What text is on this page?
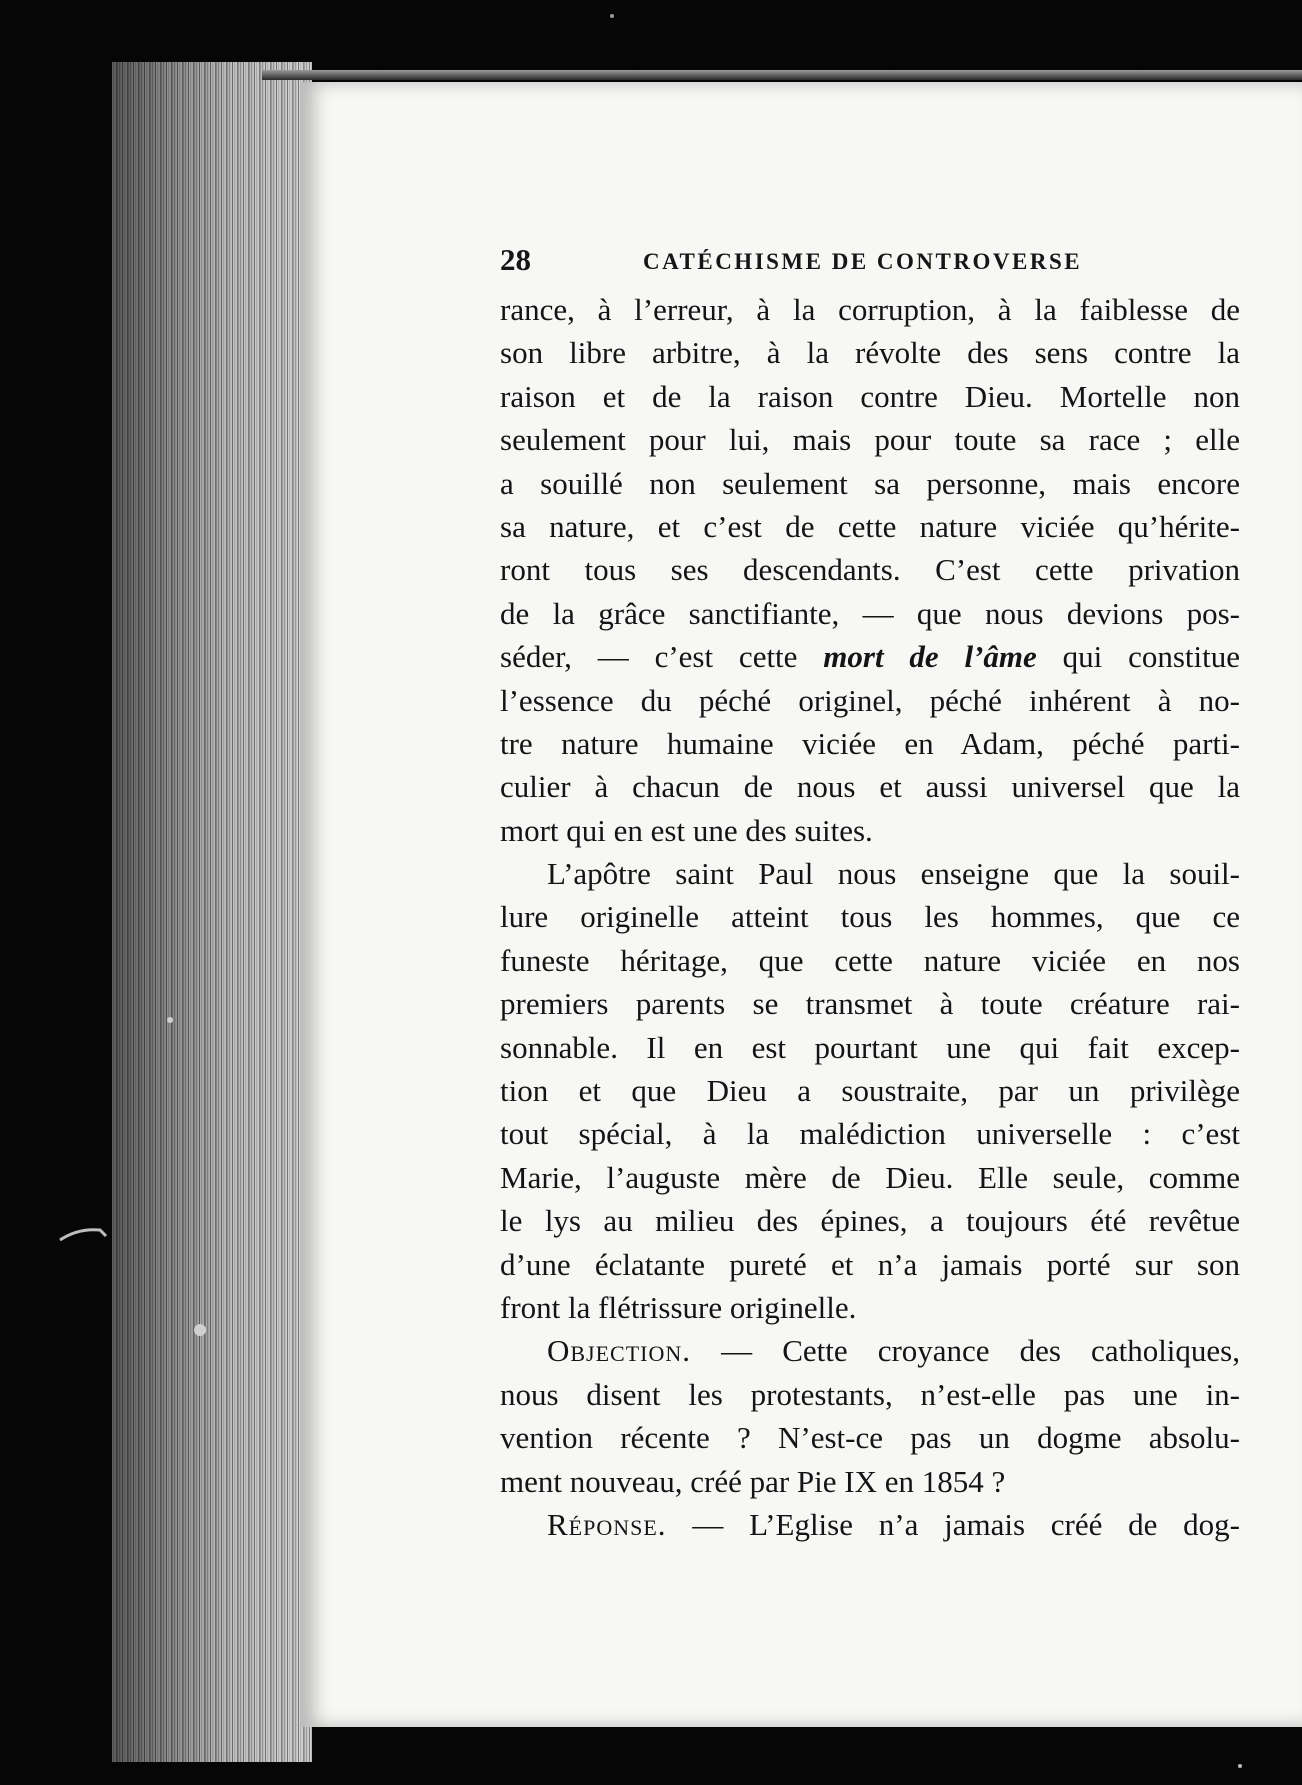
28	CATÉCHISME DE CONTROVERSE
rance, à l’erreur, à la corruption, à la faiblesse de
son libre arbitre, à la révolte des sens contre la
raison et de la raison contre Dieu. Mortelle non
seulement pour lui, mais pour toute sa race ; elle
a souillé non seulement sa personne, mais encore
sa nature, et c’est de cette nature viciée qu’hérite-
ront tous ses descendants. C’est cette privation
de la grâce sanctifiante, — que nous devions pos-
séder, — c’est cette mort de l’âme qui constitue
l’essence du péché originel, péché inhérent à no-
tre nature humaine viciée en Adam, péché parti-
culier à chacun de nous et aussi universel que la
mort qui en est une des suites.
L’apôtre saint Paul nous enseigne que la souil-
lure originelle atteint tous les hommes, que ce
funeste héritage, que cette nature viciée en nos
premiers parents se transmet à toute créature rai-
sonnable. Il en est pourtant une qui fait excep-
tion et que Dieu a soustraite, par un privilège
tout spécial, à la malédiction universelle : c’est
Marie, l’auguste mère de Dieu. Elle seule, comme
le lys au milieu des épines, a toujours été revêtue
d’une éclatante pureté et n’a jamais porté sur son
front la flétrissure originelle.
Objection. — Cette croyance des catholiques,
nous disent les protestants, n’est-elle pas une in-
vention récente ? N’est-ce pas un dogme absolu-
ment nouveau, créé par Pie IX en 1854 ?
Réponse. — L’Eglise n’a jamais créé de dog-
